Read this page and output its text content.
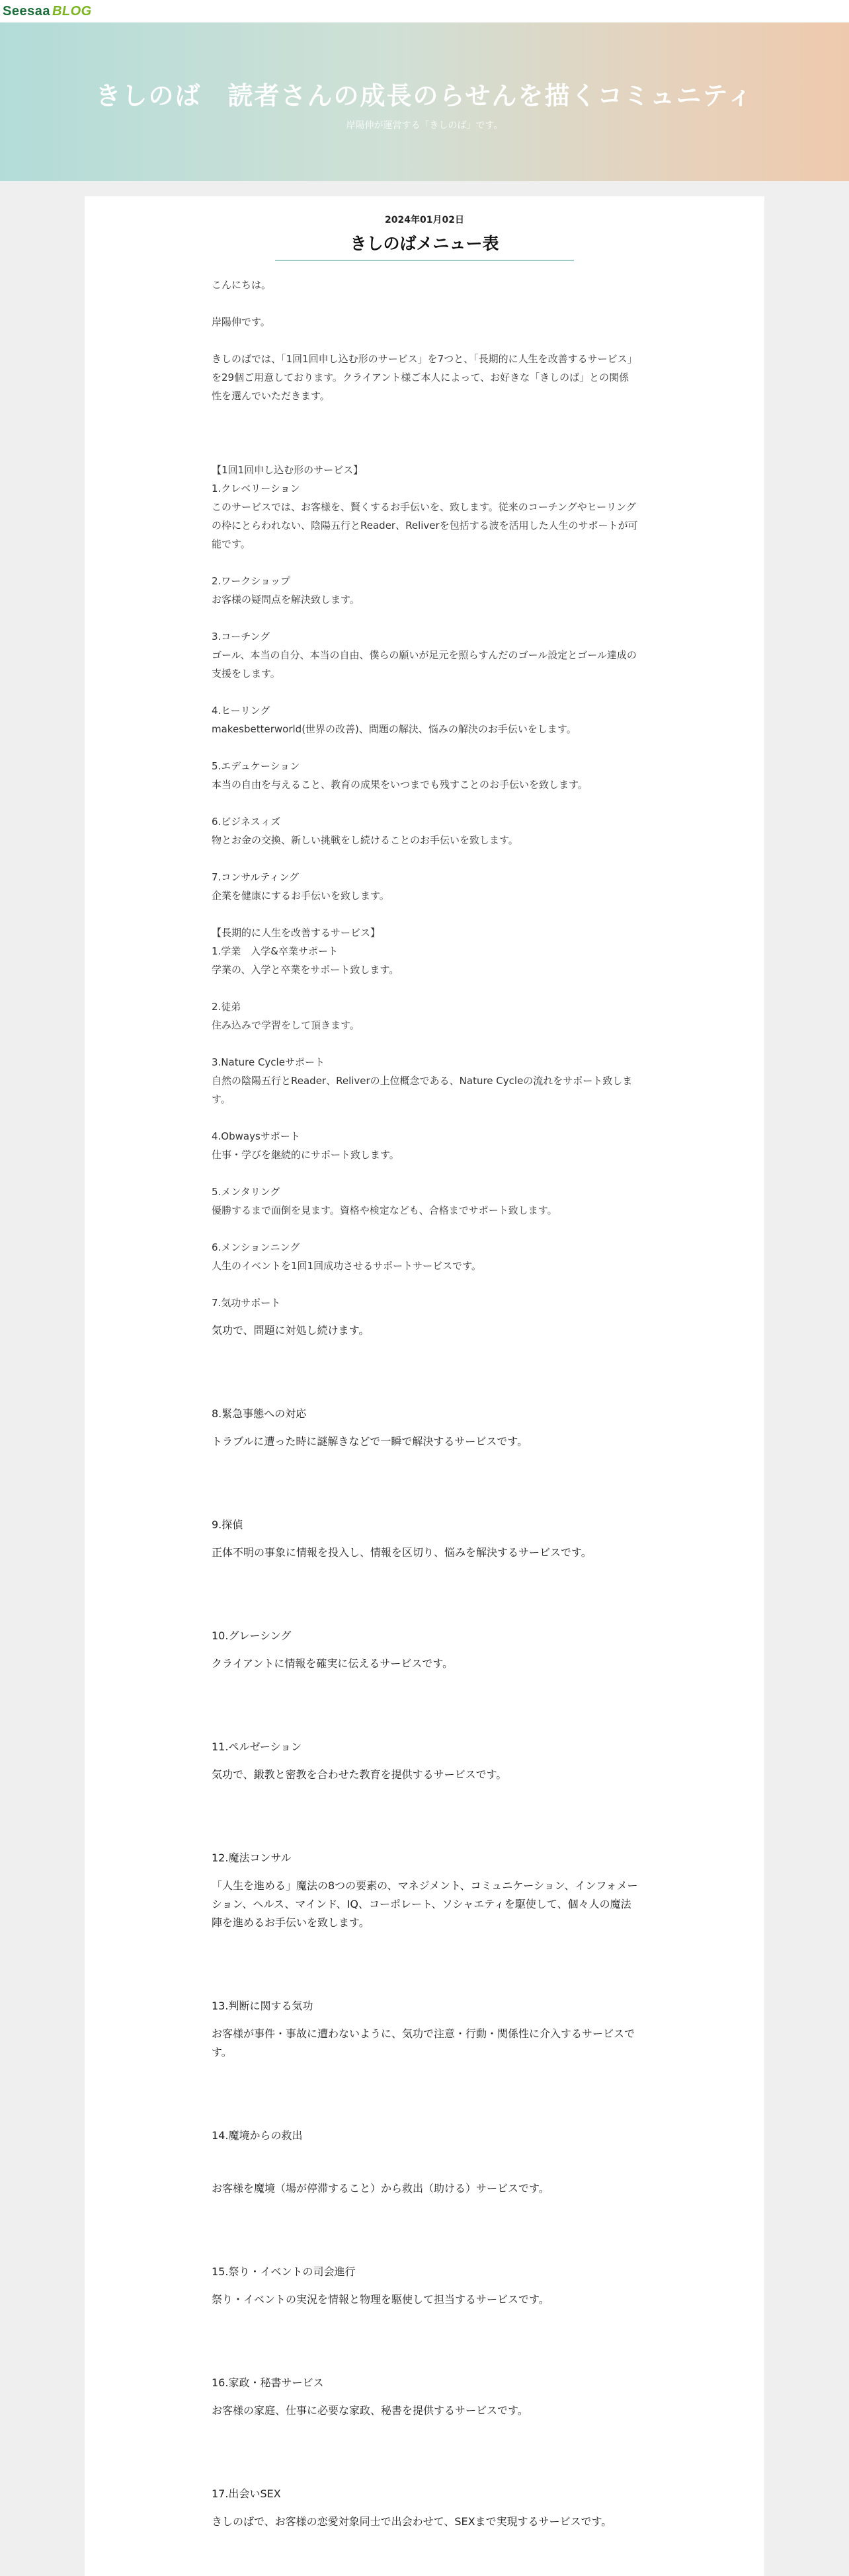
Seesaa BLOG
きしのば　読者さんの成長のらせんを描くコミュニティ
岸陽伸が運営する「きしのば」です。
2024年01月02日
きしのばメニュー表

こんにちは。

岸陽伸です。

きしのばでは、「1回1回申し込む形のサービス」を7つと、「長期的に人生を改善するサービス」を29個ご用意しております。クライアント様ご本人によって、お好きな「きしのば」との関係性を選んでいただきます。

【1回1回申し込む形のサービス】

1.クレベリーション

このサービスでは、お客様を、賢くするお手伝いを、致します。従来のコーチングやヒーリングの枠にとらわれない、陰陽五行とReader、Reliverを包括する波を活用した人生のサポートが可能です。

2.ワークショップ

お客様の疑問点を解決致します。

3.コーチング

ゴール、本当の自分、本当の自由、僕らの願いが足元を照らすんだのゴール設定とゴール達成の支援をします。

4.ヒーリング

makesbetterworld(世界の改善)、問題の解決、悩みの解決のお手伝いをします。

5.エデュケーション

本当の自由を与えること、教育の成果をいつまでも残すことのお手伝いを致します。

6.ビジネスィズ

物とお金の交換、新しい挑戦をし続けることのお手伝いを致します。

7.コンサルティング

企業を健康にするお手伝いを致します。

【長期的に人生を改善するサービス】

1.学業　入学&卒業サポート

学業の、入学と卒業をサポート致します。

2.徒弟

住み込みで学習をして頂きます。

3.Nature Cycleサポート

自然の陰陽五行とReader、Reliverの上位概念である、Nature Cycleの流れをサポート致します。

4.Obwaysサポート

仕事・学びを継続的にサポート致します。

5.メンタリング

優勝するまで面倒を見ます。資格や検定なども、合格までサポート致します。

6.メンションニング

人生のイベントを1回1回成功させるサポートサービスです。

7.気功サポート

気功で、問題に対処し続けます。

8.緊急事態への対応

トラブルに遭った時に謎解きなどで一瞬で解決するサービスです。

9.探偵

正体不明の事象に情報を投入し、情報を区切り、悩みを解決するサービスです。

10.グレーシング

クライアントに情報を確実に伝えるサービスです。

11.ペルゼーション

気功で、鍛教と密教を合わせた教育を提供するサービスです。

12.魔法コンサル

「人生を進める」魔法の8つの要素の、マネジメント、コミュニケーション、インフォメーション、ヘルス、マインド、IQ、コーポレート、ソシャエティを駆使して、個々人の魔法陣を進めるお手伝いを致します。

13.判断に関する気功

お客様が事件・事故に遭わないように、気功で注意・行動・関係性に介入するサービスです。

14.魔境からの救出

お客様を魔境（場が停滞すること）から救出（助ける）サービスです。

15.祭り・イベントの司会進行

祭り・イベントの実況を情報と物理を駆使して担当するサービスです。

16.家政・秘書サービス

お客様の家庭、仕事に必要な家政、秘書を提供するサービスです。

17.出会いSEX

きしのばで、お客様の恋愛対象同士で出会わせて、SEXまで実現するサービスです。
